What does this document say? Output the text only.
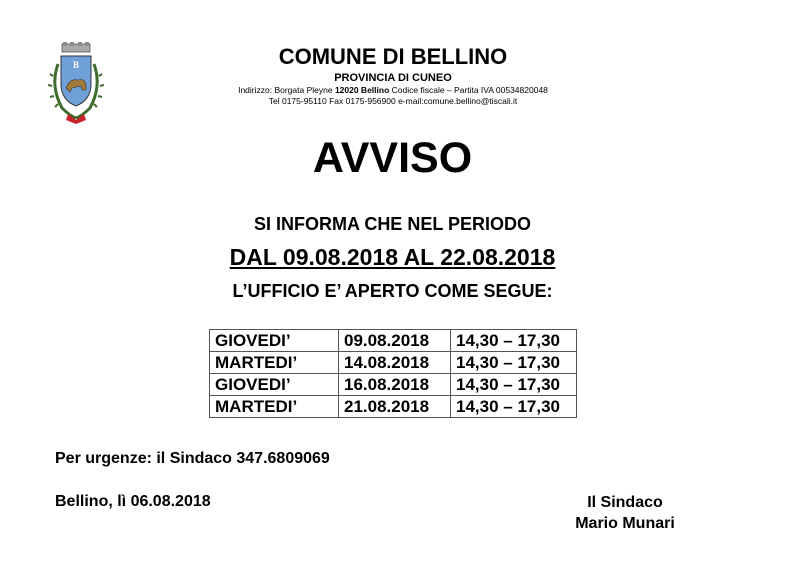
B	COMUNE DI BELLINO
PROVINCIA DI CUNEO
Indirizzo: Borgata Pleyne 12020 Bellino Codice fiscale – Partita IVA 00534820048
Tel 0175-95110 Fax 0175-956900 e-mail:comune.bellino@tiscali.it
AVVISO
SI INFORMA CHE NEL PERIODO
DAL 09.08.2018 AL 22.08.2018
L’UFFICIO E’ APERTO COME SEGUE:
GIOVEDI’	09.08.2018	14,30 – 17,30
MARTEDI’	14.08.2018	14,30 – 17,30
GIOVEDI’	16.08.2018	14,30 – 17,30
MARTEDI’	21.08.2018	14,30 – 17,30
Per urgenze: il Sindaco 347.6809069
Bellino, lì 06.08.2018	Il Sindaco
Mario Munari
